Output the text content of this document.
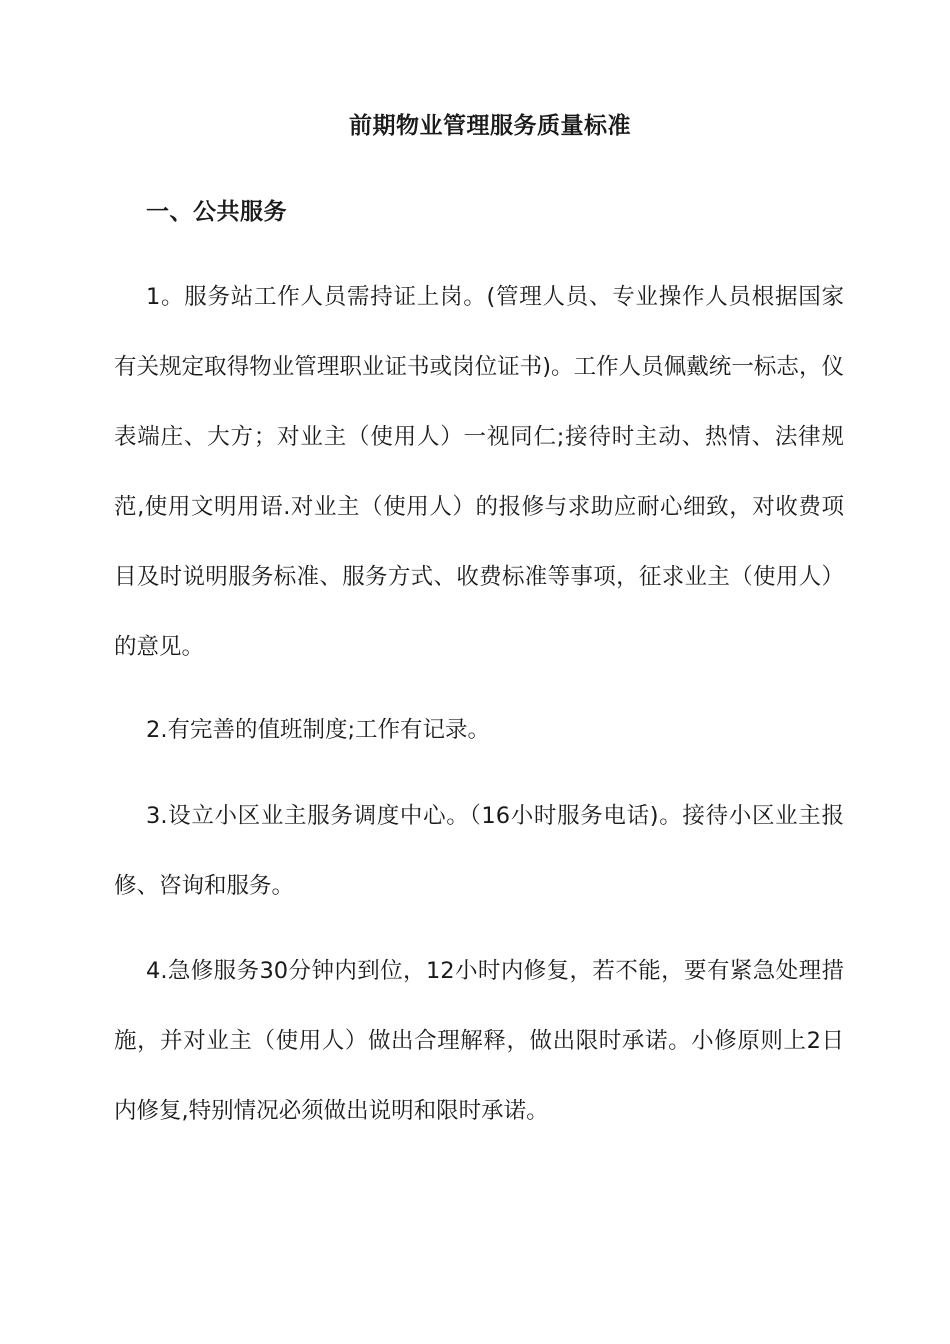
前期物业管理服务质量标准
一、公共服务

1。服务站工作人员需持证上岗。(管理人员、专业操作人员根据国家有关规定取得物业管理职业证书或岗位证书)。工作人员佩戴统一标志，仪表端庄、大方；对业主（使用人）一视同仁;接待时主动、热情、法律规范,使用文明用语.对业主（使用人）的报修与求助应耐心细致，对收费项目及时说明服务标准、服务方式、收费标准等事项，征求业主（使用人）的意见。

2.有完善的值班制度;工作有记录。

3.设立小区业主服务调度中心。（16小时服务电话)。接待小区业主报修、咨询和服务。

4.急修服务30分钟内到位，12小时内修复，若不能，要有紧急处理措施，并对业主（使用人）做出合理解释，做出限时承诺。小修原则上2日内修复,特别情况必须做出说明和限时承诺。
